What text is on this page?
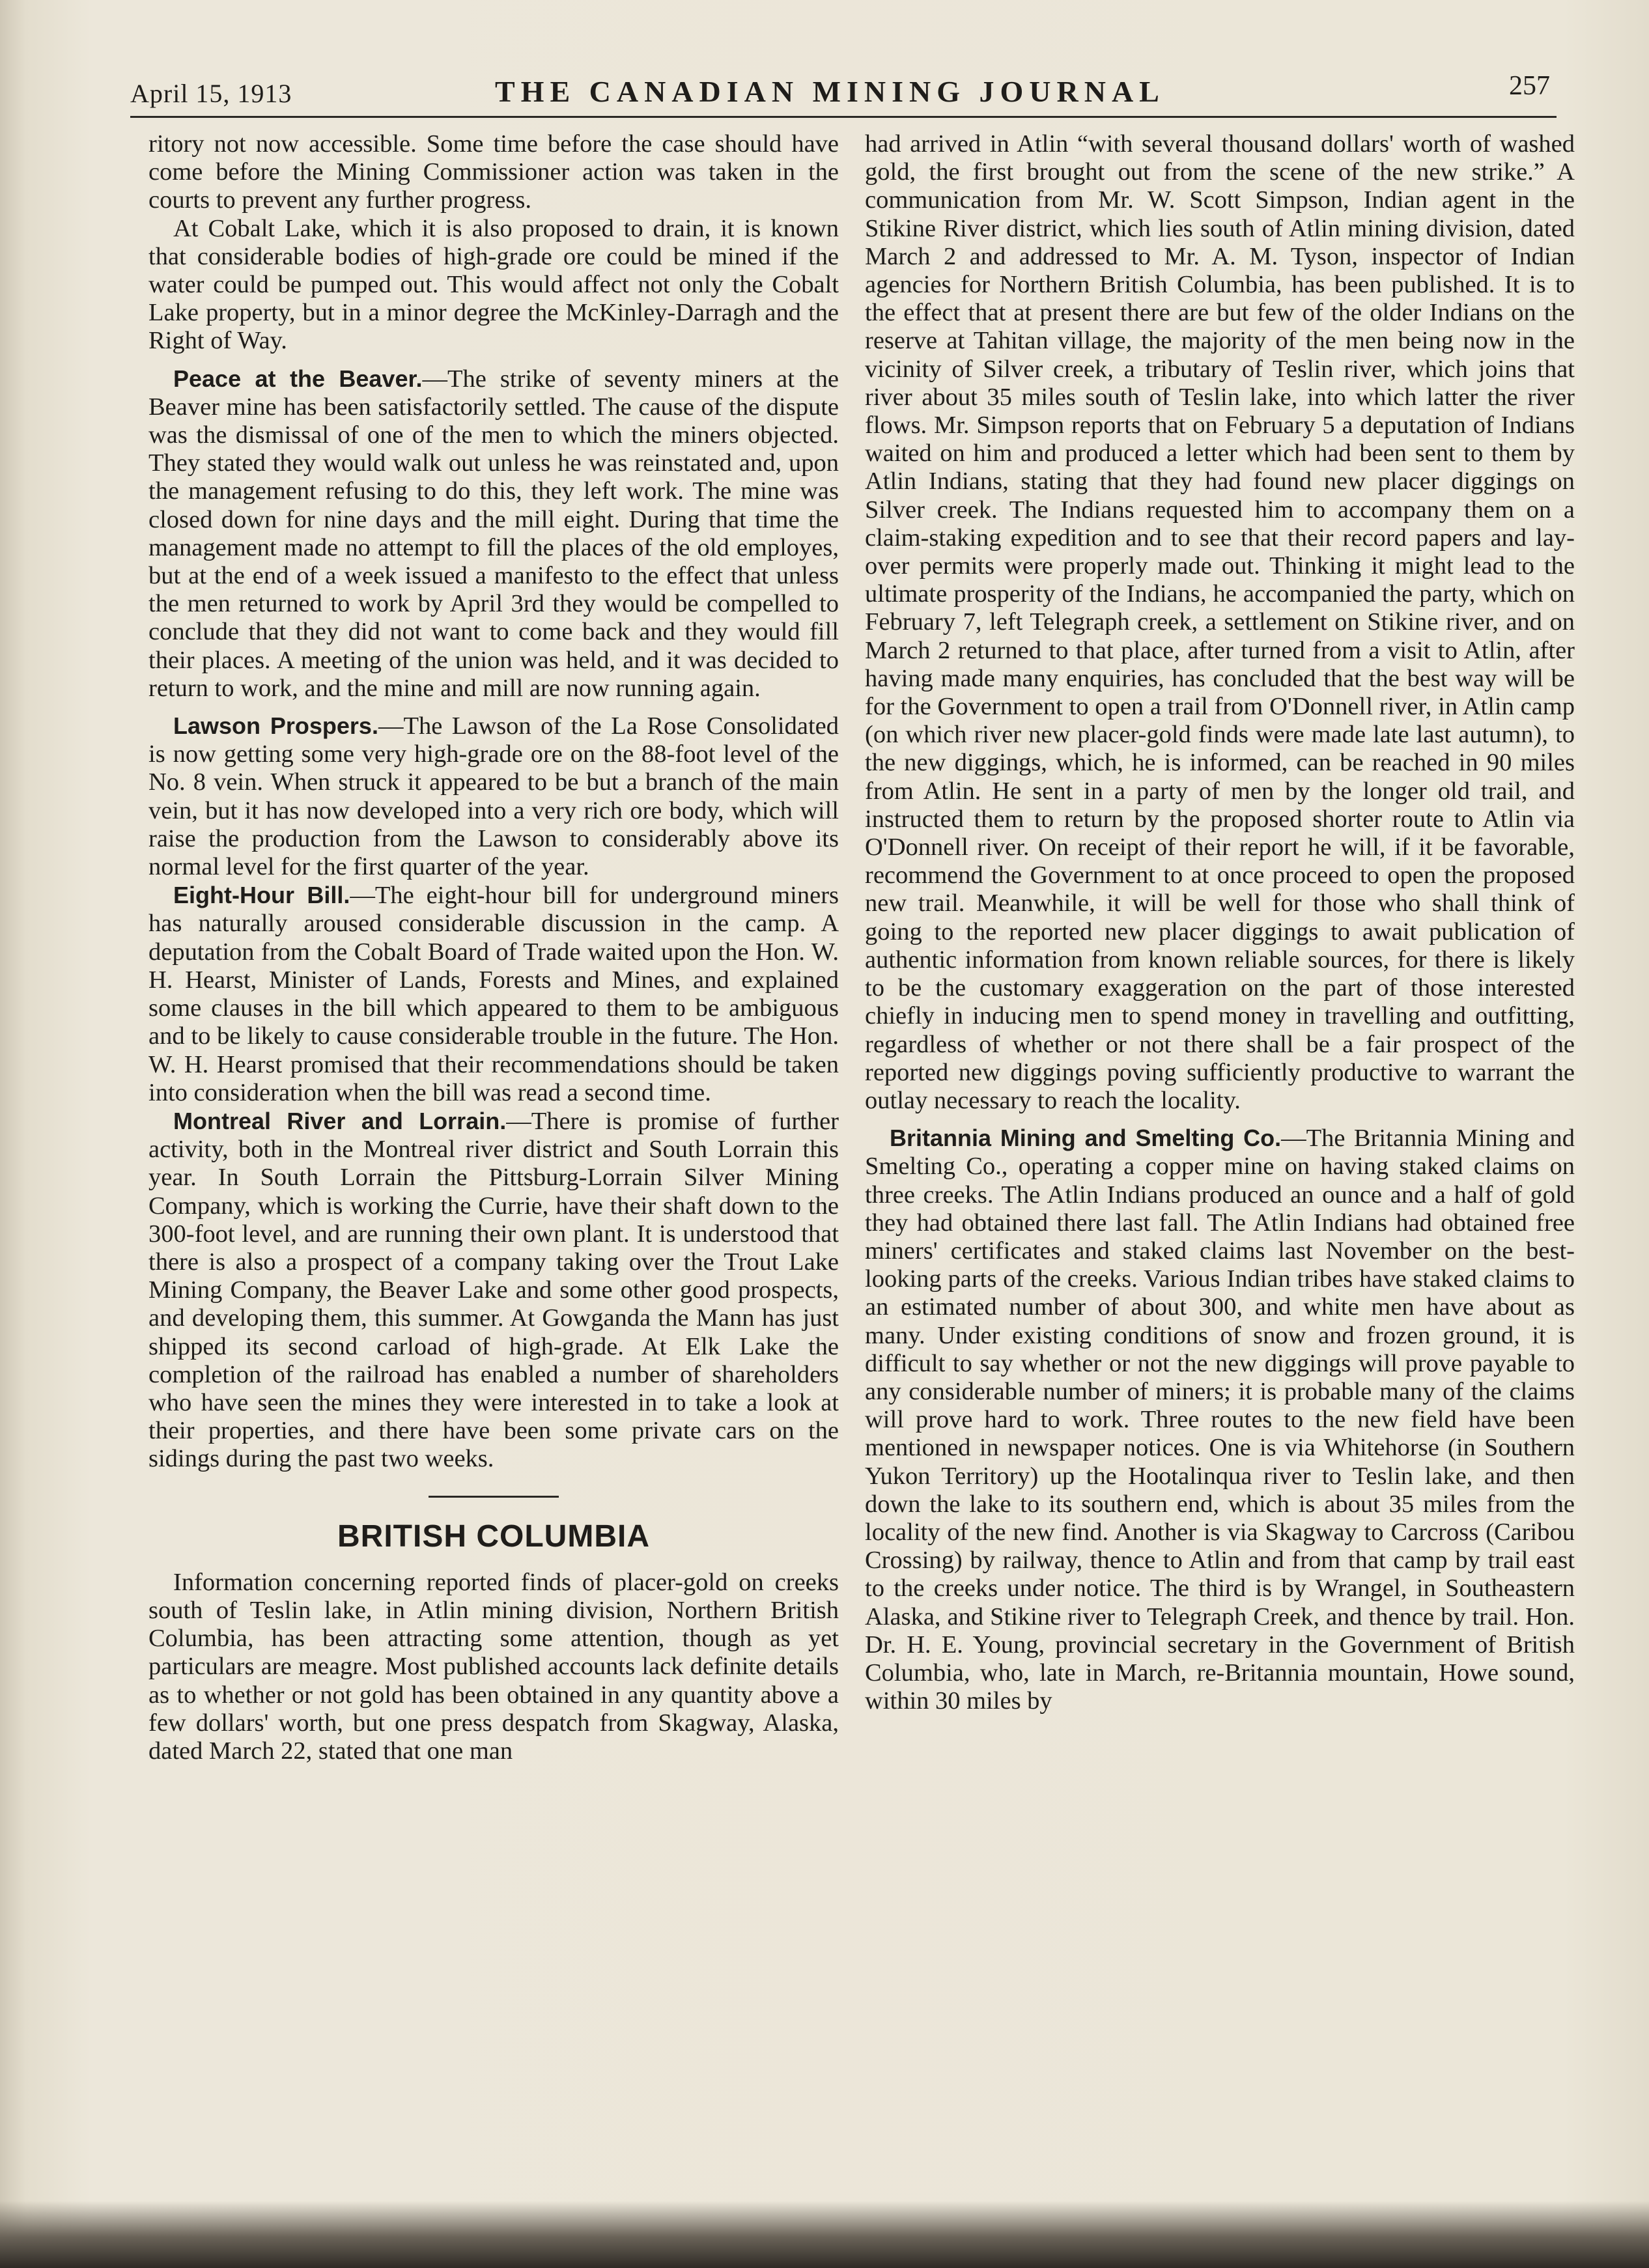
April 15, 1913	THE CANADIAN MINING JOURNAL	257

ritory not now accessible. Some time before the case should have come before the Mining Commissioner action was taken in the courts to prevent any further progress.

At Cobalt Lake, which it is also proposed to drain, it is known that considerable bodies of high-grade ore could be mined if the water could be pumped out. This would affect not only the Cobalt Lake property, but in a minor degree the McKinley-Darragh and the Right of Way.

Peace at the Beaver.—The strike of seventy miners at the Beaver mine has been satisfactorily settled. The cause of the dispute was the dismissal of one of the men to which the miners objected. They stated they would walk out unless he was reinstated and, upon the management refusing to do this, they left work. The mine was closed down for nine days and the mill eight. During that time the management made no attempt to fill the places of the old employes, but at the end of a week issued a manifesto to the effect that unless the men returned to work by April 3rd they would be compelled to conclude that they did not want to come back and they would fill their places. A meeting of the union was held, and it was decided to return to work, and the mine and mill are now running again.

Lawson Prospers.—The Lawson of the La Rose Consolidated is now getting some very high-grade ore on the 88-foot level of the No. 8 vein. When struck it appeared to be but a branch of the main vein, but it has now developed into a very rich ore body, which will raise the production from the Lawson to considerably above its normal level for the first quarter of the year.

Eight-Hour Bill.—The eight-hour bill for underground miners has naturally aroused considerable discussion in the camp. A deputation from the Cobalt Board of Trade waited upon the Hon. W. H. Hearst, Minister of Lands, Forests and Mines, and explained some clauses in the bill which appeared to them to be ambiguous and to be likely to cause considerable trouble in the future. The Hon. W. H. Hearst promised that their recommendations should be taken into consideration when the bill was read a second time.

Montreal River and Lorrain.—There is promise of further activity, both in the Montreal river district and South Lorrain this year. In South Lorrain the Pittsburg-Lorrain Silver Mining Company, which is working the Currie, have their shaft down to the 300-foot level, and are running their own plant. It is understood that there is also a prospect of a company taking over the Trout Lake Mining Company, the Beaver Lake and some other good prospects, and developing them, this summer. At Gowganda the Mann has just shipped its second carload of high-grade. At Elk Lake the completion of the railroad has enabled a number of shareholders who have seen the mines they were interested in to take a look at their properties, and there have been some private cars on the sidings during the past two weeks.

BRITISH COLUMBIA

Information concerning reported finds of placer-gold on creeks south of Teslin lake, in Atlin mining division, Northern British Columbia, has been attracting some attention, though as yet particulars are meagre. Most published accounts lack definite details as to whether or not gold has been obtained in any quantity above a few dollars' worth, but one press despatch from Skagway, Alaska, dated March 22, stated that one man

had arrived in Atlin “with several thousand dollars' worth of washed gold, the first brought out from the scene of the new strike.” A communication from Mr. W. Scott Simpson, Indian agent in the Stikine River district, which lies south of Atlin mining division, dated March 2 and addressed to Mr. A. M. Tyson, inspector of Indian agencies for Northern British Columbia, has been published. It is to the effect that at present there are but few of the older Indians on the reserve at Tahitan village, the majority of the men being now in the vicinity of Silver creek, a tributary of Teslin river, which joins that river about 35 miles south of Teslin lake, into which latter the river flows. Mr. Simpson reports that on February 5 a deputation of Indians waited on him and produced a letter which had been sent to them by Atlin Indians, stating that they had found new placer diggings on Silver creek. The Indians requested him to accompany them on a claim-staking expedition and to see that their record papers and lay-over permits were properly made out. Thinking it might lead to the ultimate prosperity of the Indians, he accompanied the party, which on February 7, left Telegraph creek, a settlement on Stikine river, and on March 2 returned to that place, after turned from a visit to Atlin, after having made many enquiries, has concluded that the best way will be for the Government to open a trail from O'Donnell river, in Atlin camp (on which river new placer-gold finds were made late last autumn), to the new diggings, which, he is informed, can be reached in 90 miles from Atlin. He sent in a party of men by the longer old trail, and instructed them to return by the proposed shorter route to Atlin via O'Donnell river. On receipt of their report he will, if it be favorable, recommend the Government to at once proceed to open the proposed new trail. Meanwhile, it will be well for those who shall think of going to the reported new placer diggings to await publication of authentic information from known reliable sources, for there is likely to be the customary exaggeration on the part of those interested chiefly in inducing men to spend money in travelling and outfitting, regardless of whether or not there shall be a fair prospect of the reported new diggings poving sufficiently productive to warrant the outlay necessary to reach the locality.

Britannia Mining and Smelting Co.—The Britannia Mining and Smelting Co., operating a copper mine on having staked claims on three creeks. The Atlin Indians produced an ounce and a half of gold they had obtained there last fall. The Atlin Indians had obtained free miners' certificates and staked claims last November on the best-looking parts of the creeks. Various Indian tribes have staked claims to an estimated number of about 300, and white men have about as many. Under existing conditions of snow and frozen ground, it is difficult to say whether or not the new diggings will prove payable to any considerable number of miners; it is probable many of the claims will prove hard to work. Three routes to the new field have been mentioned in newspaper notices. One is via Whitehorse (in Southern Yukon Territory) up the Hootalinqua river to Teslin lake, and then down the lake to its southern end, which is about 35 miles from the locality of the new find. Another is via Skagway to Carcross (Caribou Crossing) by railway, thence to Atlin and from that camp by trail east to the creeks under notice. The third is by Wrangel, in Southeastern Alaska, and Stikine river to Telegraph Creek, and thence by trail. Hon. Dr. H. E. Young, provincial secretary in the Government of British Columbia, who, late in March, re-Britannia mountain, Howe sound, within 30 miles by
